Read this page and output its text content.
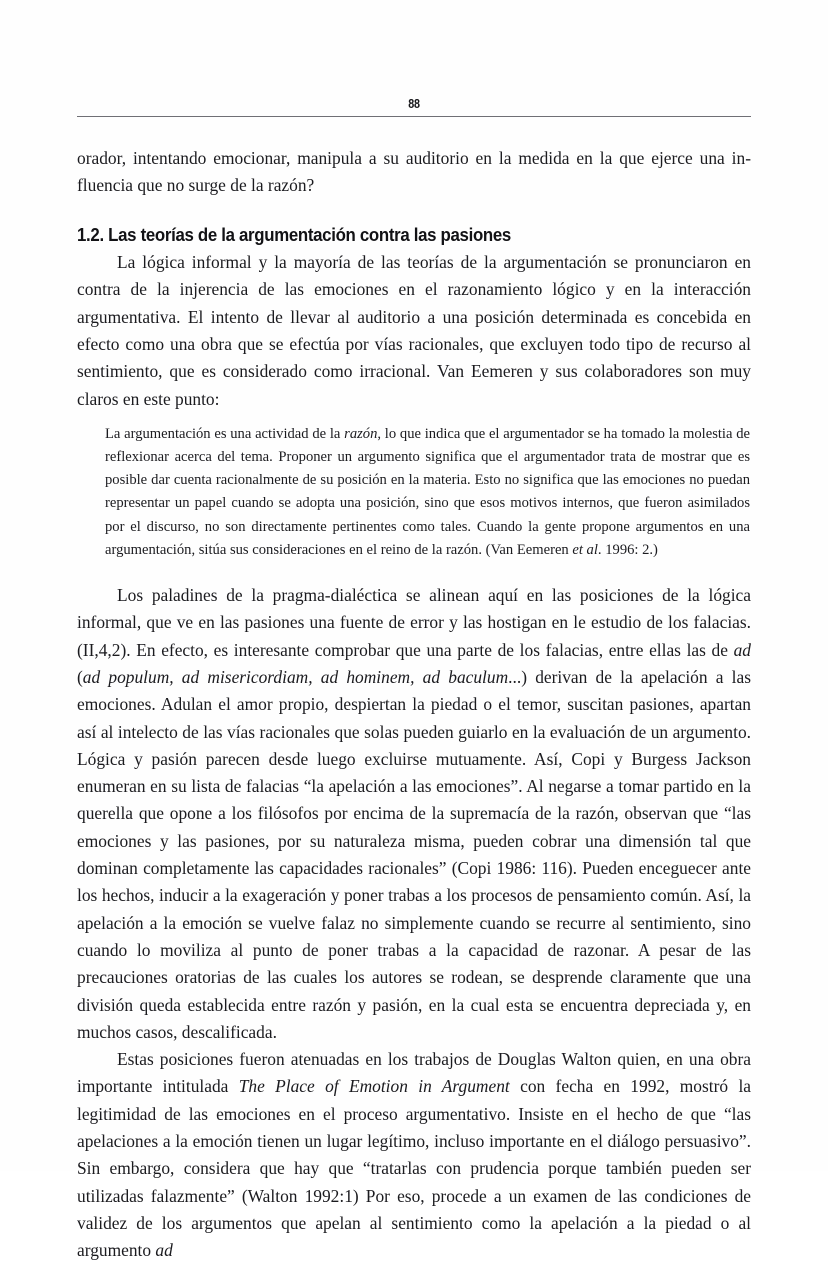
88

orador, intentando emocionar, manipula a su auditorio en la medida en la que ejerce una in-fluencia que no surge de la razón?

1.2. Las teorías de la argumentación contra las pasiones

La lógica informal y la mayoría de las teorías de la argumentación se pronunciaron en contra de la injerencia de las emociones en el razonamiento lógico y en la interacción argumentativa. El intento de llevar al auditorio a una posición determinada es concebida en efecto como una obra que se efectúa por vías racionales, que excluyen todo tipo de recurso al sentimiento, que es considerado como irracional. Van Eemeren y sus colaboradores son muy claros en este punto:

La argumentación es una actividad de la razón, lo que indica que el argumentador se ha tomado la molestia de reflexionar acerca del tema. Proponer un argumento significa que el argumentador trata de mostrar que es posible dar cuenta racionalmente de su posición en la materia. Esto no significa que las emociones no puedan representar un papel cuando se adopta una posición, sino que esos motivos internos, que fueron asimilados por el discurso, no son directamente pertinentes como tales. Cuando la gente propone argumentos en una argumentación, sitúa sus consideraciones en el reino de la razón. (Van Eemeren et al. 1996: 2.)

Los paladines de la pragma-dialéctica se alinean aquí en las posiciones de la lógica informal, que ve en las pasiones una fuente de error y las hostigan en le estudio de los falacias. (II,4,2). En efecto, es interesante comprobar que una parte de los falacias, entre ellas las de ad (ad populum, ad misericordiam, ad hominem, ad baculum...) derivan de la apelación a las emociones. Adulan el amor propio, despiertan la piedad o el temor, suscitan pasiones, apartan así al intelecto de las vías racionales que solas pueden guiarlo en la evaluación de un argumento. Lógica y pasión parecen desde luego excluirse mutuamente. Así, Copi y Burgess Jackson enumeran en su lista de falacias “la apelación a las emociones”. Al negarse a tomar partido en la querella que opone a los filósofos por encima de la supremacía de la razón, observan que “las emociones y las pasiones, por su naturaleza misma, pueden cobrar una dimensión tal que dominan completamente las capacidades racionales” (Copi 1986: 116). Pueden enceguecer ante los hechos, inducir a la exageración y poner trabas a los procesos de pensamiento común. Así, la apelación a la emoción se vuelve falaz no simplemente cuando se recurre al sentimiento, sino cuando lo moviliza al punto de poner trabas a la capacidad de razonar. A pesar de las precauciones oratorias de las cuales los autores se rodean, se desprende claramente que una división queda establecida entre razón y pasión, en la cual esta se encuentra depreciada y, en muchos casos, descalificada.

Estas posiciones fueron atenuadas en los trabajos de Douglas Walton quien, en una obra importante intitulada The Place of Emotion in Argument con fecha en 1992, mostró la legitimidad de las emociones en el proceso argumentativo. Insiste en el hecho de que “las apelaciones a la emoción tienen un lugar legítimo, incluso importante en el diálogo persuasivo”. Sin embargo, considera que hay que “tratarlas con prudencia porque también pueden ser utilizadas falazmente” (Walton 1992:1) Por eso, procede a un examen de las condiciones de validez de los argumentos que apelan al sentimiento como la apelación a la piedad o al argumento ad
